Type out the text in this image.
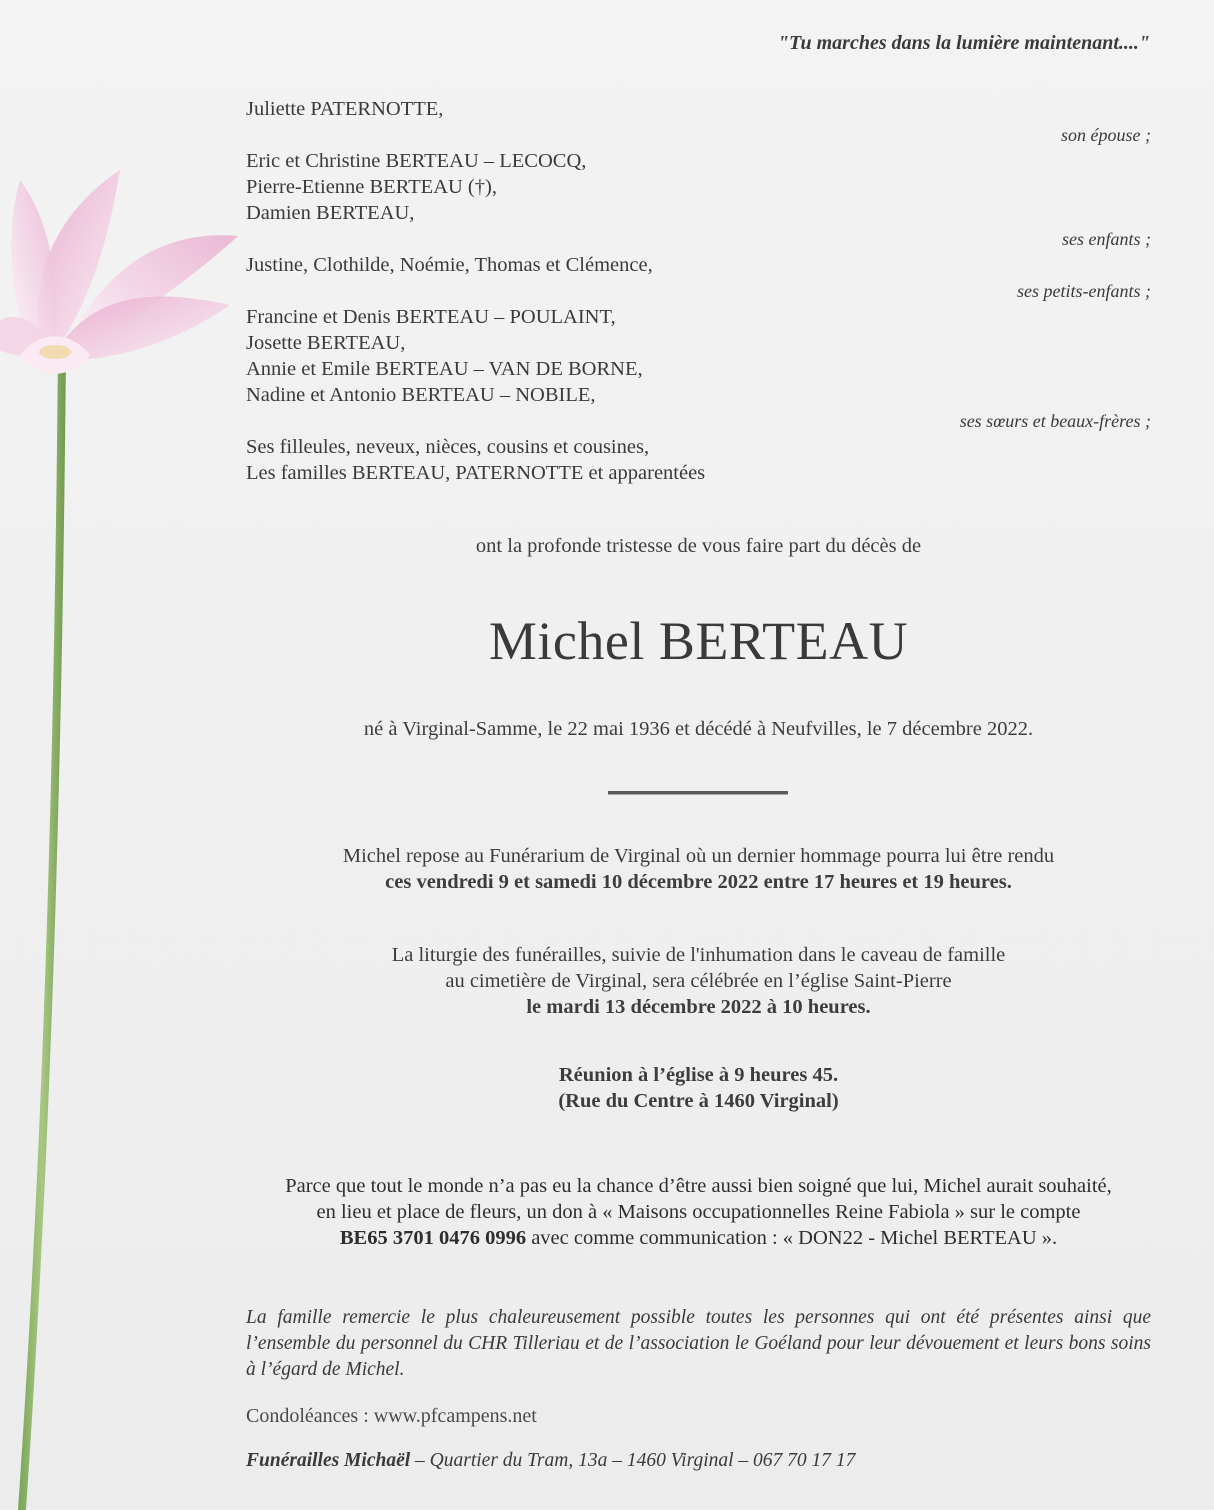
"Tu marches dans la lumière maintenant...."
Juliette PATERNOTTE,
son épouse ;
Eric et Christine BERTEAU – LECOCQ,
Pierre-Etienne BERTEAU (†),
Damien BERTEAU,
ses enfants ;
Justine, Clothilde, Noémie, Thomas et Clémence,
ses petits-enfants ;
Francine et Denis BERTEAU – POULAINT,
Josette BERTEAU,
Annie et Emile BERTEAU – VAN DE BORNE,
Nadine et Antonio BERTEAU – NOBILE,
ses sœurs et beaux-frères ;
Ses filleules, neveux, nièces, cousins et cousines,
Les familles BERTEAU, PATERNOTTE et apparentées
ont la profonde tristesse de vous faire part du décès de
Michel BERTEAU
né à Virginal-Samme, le 22 mai 1936 et décédé à Neufvilles, le 7 décembre 2022.
Michel repose au Funérarium de Virginal où un dernier hommage pourra lui être rendu
ces vendredi 9 et samedi 10 décembre 2022 entre 17 heures et 19 heures.
La liturgie des funérailles, suivie de l'inhumation dans le caveau de famille
au cimetière de Virginal, sera célébrée en l’église Saint-Pierre
le mardi 13 décembre 2022 à 10 heures.
Réunion à l’église à 9 heures 45.
(Rue du Centre à 1460 Virginal)
Parce que tout le monde n’a pas eu la chance d’être aussi bien soigné que lui, Michel aurait souhaité,
en lieu et place de fleurs, un don à « Maisons occupationnelles Reine Fabiola » sur le compte
BE65 3701 0476 0996 avec comme communication : « DON22 - Michel BERTEAU ».
La famille remercie le plus chaleureusement possible toutes les personnes qui ont été présentes ainsi que l’ensemble du personnel du CHR Tilleriau et de l’association le Goéland pour leur dévouement et leurs bons soins à l’égard de Michel.
Condoléances : www.pfcampens.net
Funérailles Michaël – Quartier du Tram, 13a – 1460 Virginal – 067 70 17 17
